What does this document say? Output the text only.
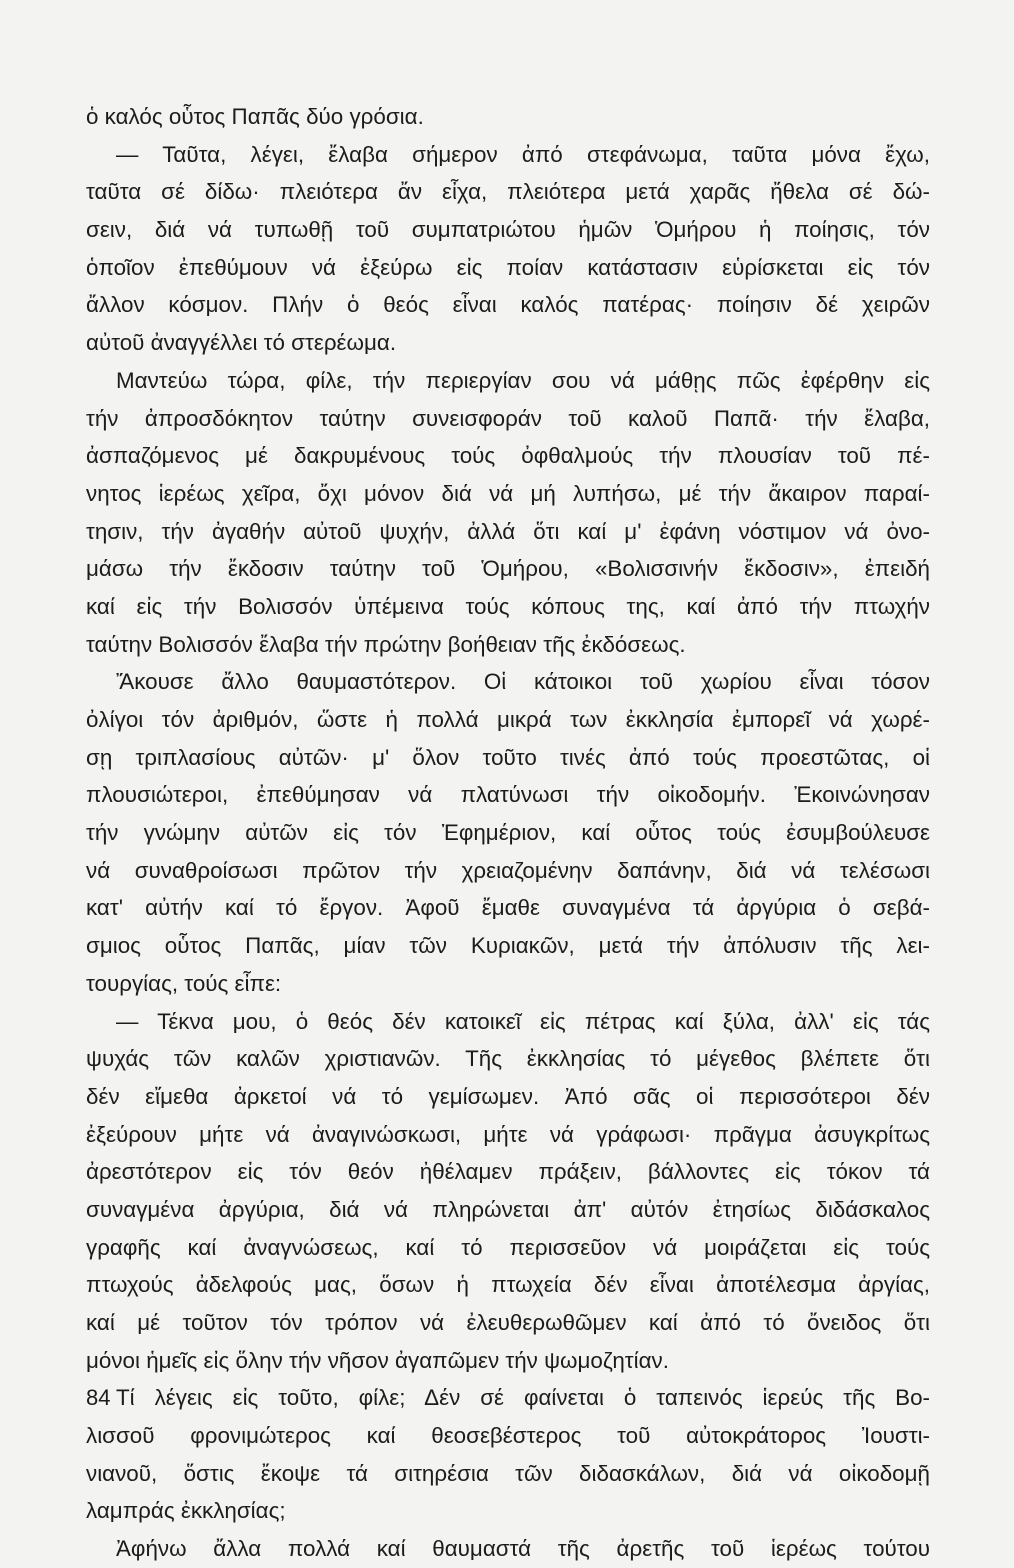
ὁ καλός οὗτος Παπᾶς δύο γρόσια.
— Ταῦτα, λέγει, ἔλαβα σήμερον ἀπό στεφάνωμα, ταῦτα μόνα ἔχω,
ταῦτα σέ δίδω· πλειότερα ἄν εἶχα, πλειότερα μετά χαρᾶς ἤθελα σέ δώ-
σειν, διά νά τυπωθῇ τοῦ συμπατριώτου ἡμῶν Ὁμήρου ἡ ποίησις, τόν
ὁποῖον ἐπεθύμουν νά ἐξεύρω εἰς ποίαν κατάστασιν εὑρίσκεται εἰς τόν
ἄλλον κόσμον. Πλήν ὁ θεός εἶναι καλός πατέρας· ποίησιν δέ χειρῶν
αὐτοῦ ἀναγγέλλει τό στερέωμα.
Μαντεύω τώρα, φίλε, τήν περιεργίαν σου νά μάθῃς πῶς ἐφέρθην εἰς
τήν ἀπροσδόκητον ταύτην συνεισφοράν τοῦ καλοῦ Παπᾶ· τήν ἔλαβα,
ἀσπαζόμενος μέ δακρυμένους τούς ὀφθαλμούς τήν πλουσίαν τοῦ πέ-
νητος ἱερέως χεῖρα, ὄχι μόνον διά νά μή λυπήσω, μέ τήν ἄκαιρον παραί-
τησιν, τήν ἀγαθήν αὐτοῦ ψυχήν, ἀλλά ὅτι καί μ' ἐφάνη νόστιμον νά ὀνο-
μάσω τήν ἔκδοσιν ταύτην τοῦ Ὁμήρου, «Βολισσινήν ἔκδοσιν», ἐπειδή
καί εἰς τήν Βολισσόν ὑπέμεινα τούς κόπους της, καί ἀπό τήν πτωχήν
ταύτην Βολισσόν ἔλαβα τήν πρώτην βοήθειαν τῆς ἐκδόσεως.
Ἄκουσε ἄλλο θαυμαστότερον. Οἱ κάτοικοι τοῦ χωρίου εἶναι τόσον
ὀλίγοι τόν ἀριθμόν, ὥστε ἡ πολλά μικρά των ἐκκλησία ἐμπορεῖ νά χωρέ-
σῃ τριπλασίους αὐτῶν· μ' ὅλον τοῦτο τινές ἀπό τούς προεστῶτας, οἱ
πλουσιώτεροι, ἐπεθύμησαν νά πλατύνωσι τήν οἰκοδομήν. Ἐκοινώνησαν
τήν γνώμην αὐτῶν εἰς τόν Ἐφημέριον, καί οὗτος τούς ἐσυμβούλευσε
νά συναθροίσωσι πρῶτον τήν χρειαζομένην δαπάνην, διά νά τελέσωσι
κατ' αὐτήν καί τό ἔργον. Ἀφοῦ ἔμαθε συναγμένα τά ἀργύρια ὁ σεβά-
σμιος οὗτος Παπᾶς, μίαν τῶν Κυριακῶν, μετά τήν ἀπόλυσιν τῆς λει-
τουργίας, τούς εἶπε:
— Τέκνα μου, ὁ θεός δέν κατοικεῖ εἰς πέτρας καί ξύλα, ἀλλ' εἰς τάς
ψυχάς τῶν καλῶν χριστιανῶν. Τῆς ἐκκλησίας τό μέγεθος βλέπετε ὅτι
δέν εἴμεθα ἀρκετοί νά τό γεμίσωμεν. Ἀπό σᾶς οἱ περισσότεροι δέν
ἐξεύρουν μήτε νά ἀναγινώσκωσι, μήτε νά γράφωσι· πρᾶγμα ἀσυγκρίτως
ἀρεστότερον εἰς τόν θεόν ἠθέλαμεν πράξειν, βάλλοντες εἰς τόκον τά
συναγμένα ἀργύρια, διά νά πληρώνεται ἀπ' αὐτόν ἐτησίως διδάσκαλος
γραφῆς καί ἀναγνώσεως, καί τό περισσεῦον νά μοιράζεται εἰς τούς
πτωχούς ἀδελφούς μας, ὅσων ἡ πτωχεία δέν εἶναι ἀποτέλεσμα ἀργίας,
καί μέ τοῦτον τόν τρόπον νά ἐλευθερωθῶμεν καί ἀπό τό ὄνειδος ὅτι
μόνοι ἡμεῖς εἰς ὅλην τήν νῆσον ἀγαπῶμεν τήν ψωμοζητίαν.
Τί λέγεις εἰς τοῦτο, φίλε; Δέν σέ φαίνεται ὁ ταπεινός ἱερεύς τῆς Βο-
λισσοῦ φρονιμώτερος καί θεοσεβέστερος τοῦ αὐτοκράτορος Ἰουστι-
νιανοῦ, ὅστις ἔκοψε τά σιτηρέσια τῶν διδασκάλων, διά νά οἰκοδομῇ
λαμπράς ἐκκλησίας;
Ἀφήνω ἄλλα πολλά καί θαυμαστά τῆς ἀρετῆς τοῦ ἱερέως τούτου
84
